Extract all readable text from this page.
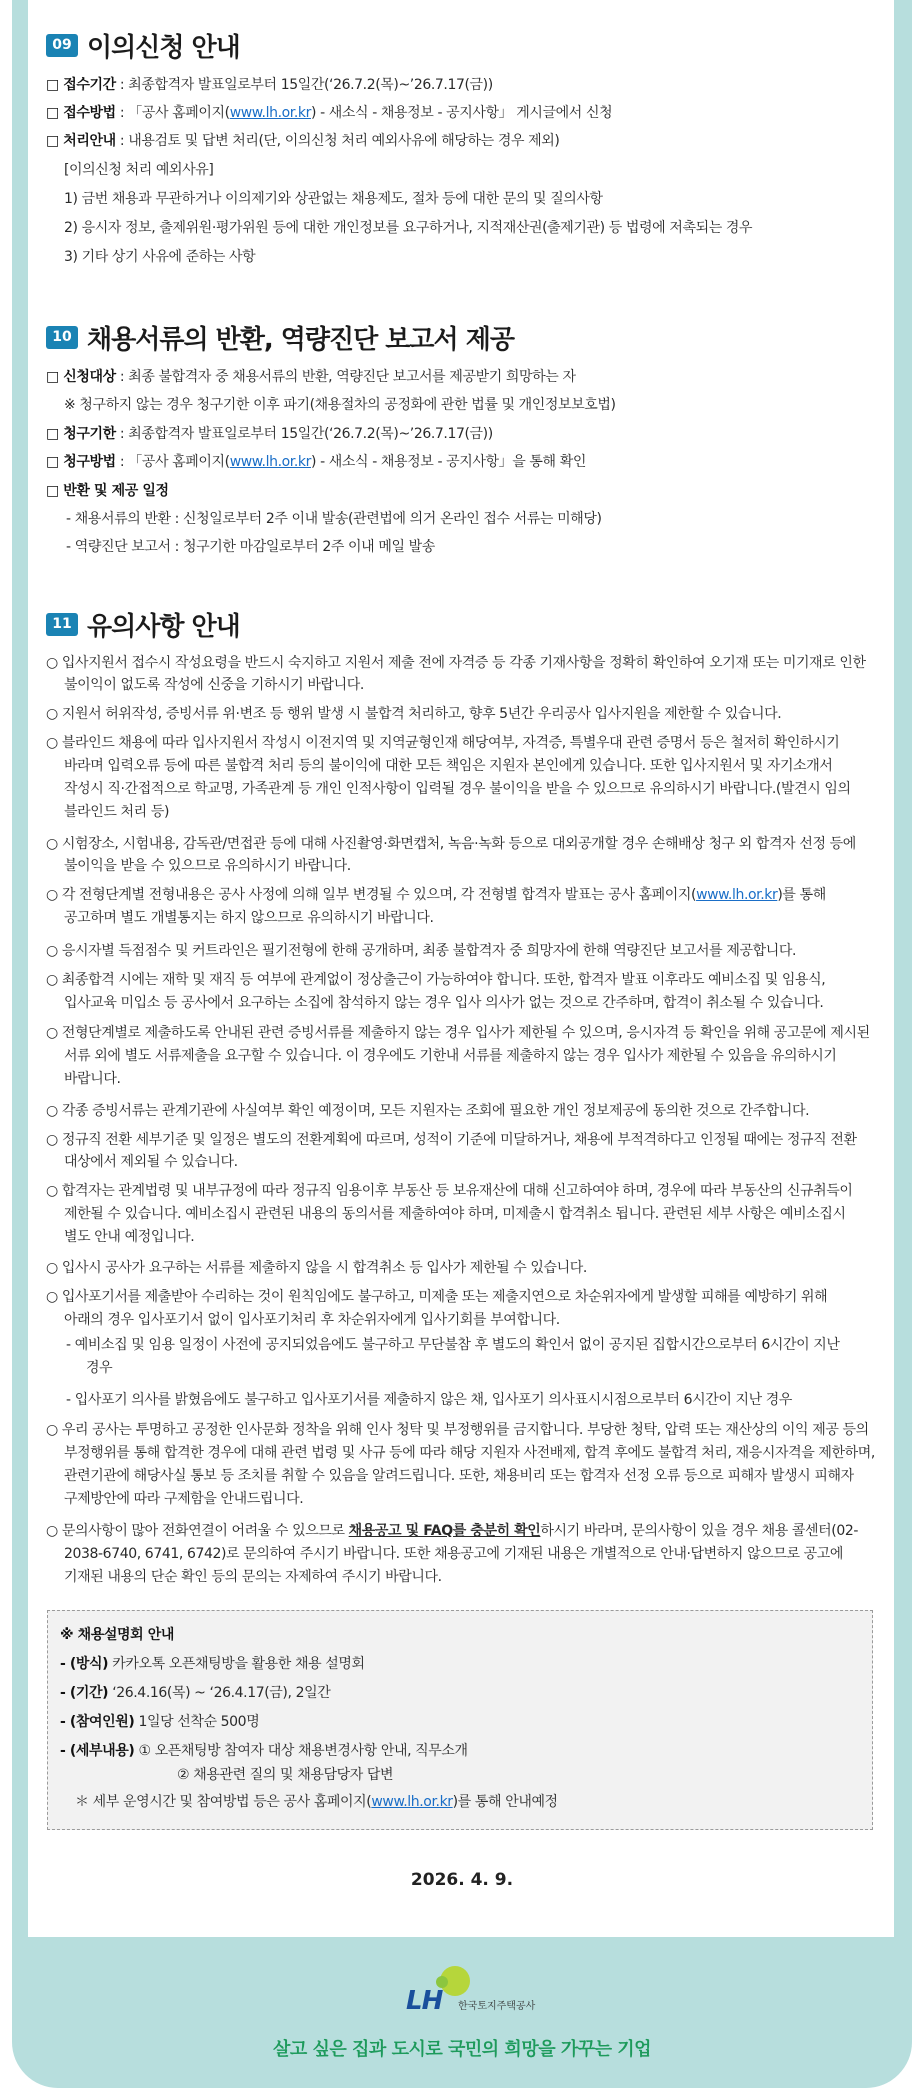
09 이의신청 안내
□ 접수기간 : 최종합격자 발표일로부터 15일간(‘26.7.2(목)~’26.7.17(금))
□ 접수방법 : 「공사 홈페이지(www.lh.or.kr) - 새소식 - 채용정보 - 공지사항」 게시글에서 신청
□ 처리안내 : 내용검토 및 답변 처리(단, 이의신청 처리 예외사유에 해당하는 경우 제외)
[이의신청 처리 예외사유]
1) 금번 채용과 무관하거나 이의제기와 상관없는 채용제도, 절차 등에 대한 문의 및 질의사항
2) 응시자 정보, 출제위원·평가위원 등에 대한 개인정보를 요구하거나, 지적재산권(출제기관) 등 법령에 저촉되는 경우
3) 기타 상기 사유에 준하는 사항
10 채용서류의 반환, 역량진단 보고서 제공
□ 신청대상 : 최종 불합격자 중 채용서류의 반환, 역량진단 보고서를 제공받기 희망하는 자
※ 청구하지 않는 경우 청구기한 이후 파기(채용절차의 공정화에 관한 법률 및 개인정보보호법)
□ 청구기한 : 최종합격자 발표일로부터 15일간(‘26.7.2(목)~’26.7.17(금))
□ 청구방법 : 「공사 홈페이지(www.lh.or.kr) - 새소식 - 채용정보 - 공지사항」을 통해 확인
□ 반환 및 제공 일정
- 채용서류의 반환 : 신청일로부터 2주 이내 발송(관련법에 의거 온라인 접수 서류는 미해당)
- 역량진단 보고서 : 청구기한 마감일로부터 2주 이내 메일 발송
11 유의사항 안내
○ 입사지원서 접수시 작성요령을 반드시 숙지하고 지원서 제출 전에 자격증 등 각종 기재사항을 정확히 확인하여 오기재 또는 미기재로 인한
불이익이 없도록 작성에 신중을 기하시기 바랍니다.
○ 지원서 허위작성, 증빙서류 위·변조 등 행위 발생 시 불합격 처리하고, 향후 5년간 우리공사 입사지원을 제한할 수 있습니다.
○ 블라인드 채용에 따라 입사지원서 작성시 이전지역 및 지역균형인재 해당여부, 자격증, 특별우대 관련 증명서 등은 철저히 확인하시기
바라며 입력오류 등에 따른 불합격 처리 등의 불이익에 대한 모든 책임은 지원자 본인에게 있습니다. 또한 입사지원서 및 자기소개서
작성시 직·간접적으로 학교명, 가족관계 등 개인 인적사항이 입력될 경우 불이익을 받을 수 있으므로 유의하시기 바랍니다.(발견시 임의
블라인드 처리 등)
○ 시험장소, 시험내용, 감독관/면접관 등에 대해 사진촬영·화면캡처, 녹음·녹화 등으로 대외공개할 경우 손해배상 청구 외 합격자 선정 등에
불이익을 받을 수 있으므로 유의하시기 바랍니다.
○ 각 전형단계별 전형내용은 공사 사정에 의해 일부 변경될 수 있으며, 각 전형별 합격자 발표는 공사 홈페이지(www.lh.or.kr)를 통해
공고하며 별도 개별통지는 하지 않으므로 유의하시기 바랍니다.
○ 응시자별 득점점수 및 커트라인은 필기전형에 한해 공개하며, 최종 불합격자 중 희망자에 한해 역량진단 보고서를 제공합니다.
○ 최종합격 시에는 재학 및 재직 등 여부에 관계없이 정상출근이 가능하여야 합니다. 또한, 합격자 발표 이후라도 예비소집 및 임용식,
입사교육 미입소 등 공사에서 요구하는 소집에 참석하지 않는 경우 입사 의사가 없는 것으로 간주하며, 합격이 취소될 수 있습니다.
○ 전형단계별로 제출하도록 안내된 관련 증빙서류를 제출하지 않는 경우 입사가 제한될 수 있으며, 응시자격 등 확인을 위해 공고문에 제시된
서류 외에 별도 서류제출을 요구할 수 있습니다. 이 경우에도 기한내 서류를 제출하지 않는 경우 입사가 제한될 수 있음을 유의하시기
바랍니다.
○ 각종 증빙서류는 관계기관에 사실여부 확인 예정이며, 모든 지원자는 조회에 필요한 개인 정보제공에 동의한 것으로 간주합니다.
○ 정규직 전환 세부기준 및 일정은 별도의 전환계획에 따르며, 성적이 기준에 미달하거나, 채용에 부적격하다고 인정될 때에는 정규직 전환
대상에서 제외될 수 있습니다.
○ 합격자는 관계법령 및 내부규정에 따라 정규직 임용이후 부동산 등 보유재산에 대해 신고하여야 하며, 경우에 따라 부동산의 신규취득이
제한될 수 있습니다. 예비소집시 관련된 내용의 동의서를 제출하여야 하며, 미제출시 합격취소 됩니다. 관련된 세부 사항은 예비소집시
별도 안내 예정입니다.
○ 입사시 공사가 요구하는 서류를 제출하지 않을 시 합격취소 등 입사가 제한될 수 있습니다.
○ 입사포기서를 제출받아 수리하는 것이 원칙임에도 불구하고, 미제출 또는 제출지연으로 차순위자에게 발생할 피해를 예방하기 위해
아래의 경우 입사포기서 없이 입사포기처리 후 차순위자에게 입사기회를 부여합니다.
- 예비소집 및 임용 일정이 사전에 공지되었음에도 불구하고 무단불참 후 별도의 확인서 없이 공지된 집합시간으로부터 6시간이 지난
경우
- 입사포기 의사를 밝혔음에도 불구하고 입사포기서를 제출하지 않은 채, 입사포기 의사표시시점으로부터 6시간이 지난 경우
○ 우리 공사는 투명하고 공정한 인사문화 정착을 위해 인사 청탁 및 부정행위를 금지합니다. 부당한 청탁, 압력 또는 재산상의 이익 제공 등의
부정행위를 통해 합격한 경우에 대해 관련 법령 및 사규 등에 따라 해당 지원자 사전배제, 합격 후에도 불합격 처리, 재응시자격을 제한하며,
관련기관에 해당사실 통보 등 조치를 취할 수 있음을 알려드립니다. 또한, 채용비리 또는 합격자 선정 오류 등으로 피해자 발생시 피해자
구제방안에 따라 구제함을 안내드립니다.
○ 문의사항이 많아 전화연결이 어려울 수 있으므로 채용공고 및 FAQ를 충분히 확인하시기 바라며, 문의사항이 있을 경우 채용 콜센터(02-
2038-6740, 6741, 6742)로 문의하여 주시기 바랍니다. 또한 채용공고에 기재된 내용은 개별적으로 안내·답변하지 않으므로 공고에
기재된 내용의 단순 확인 등의 문의는 자제하여 주시기 바랍니다.
※ 채용설명회 안내
- (방식) 카카오톡 오픈채팅방을 활용한 채용 설명회
- (기간) ‘26.4.16(목) ~ ‘26.4.17(금), 2일간
- (참여인원) 1일당 선착순 500명
- (세부내용) ① 오픈채팅방 참여자 대상 채용변경사항 안내, 직무소개
② 채용관련 질의 및 채용담당자 답변
＊ 세부 운영시간 및 참여방법 등은 공사 홈페이지(www.lh.or.kr)를 통해 안내예정
2026. 4. 9.
LH 한국토지주택공사
살고 싶은 집과 도시로 국민의 희망을 가꾸는 기업
